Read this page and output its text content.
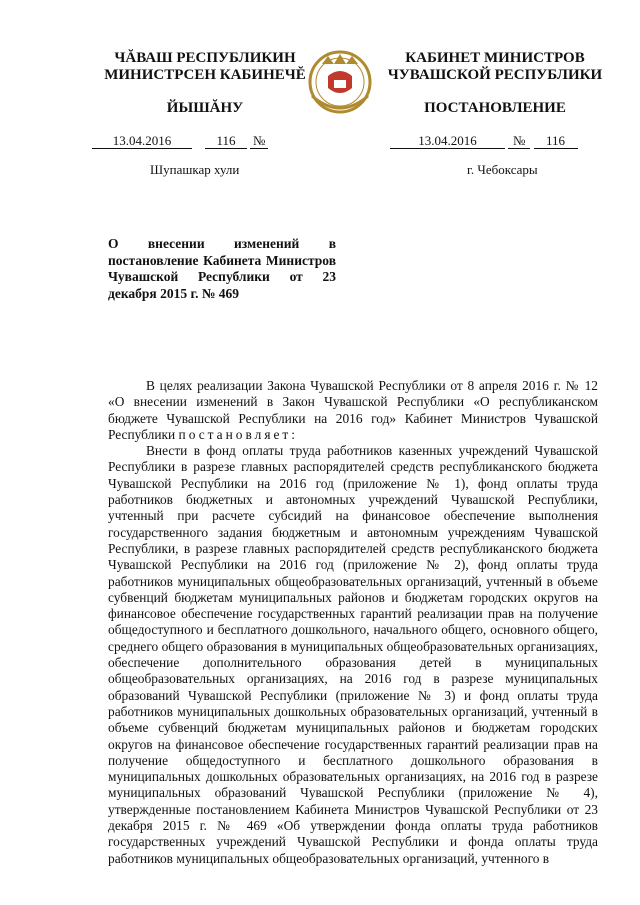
ЧĂВАШ РЕСПУБЛИКИН
МИНИСТРСЕН КАБИНЕЧĔ
КАБИНЕТ МИНИСТРОВ
ЧУВАШСКОЙ РЕСПУБЛИКИ
ЙЫШĂНУ	ПОСТАНОВЛЕНИЕ
13.04.2016	116 №	13.04.2016	№ 116
Шупашкар хули	г. Чебоксары
О внесении изменений в постановление Кабинета Министров Чувашской Республики от 23 декабря 2015 г. № 469

В целях реализации Закона Чувашской Республики от 8 апреля 2016 г. № 12 «О внесении изменений в Закон Чувашской Республики «О республиканском бюджете Чувашской Республики на 2016 год» Кабинет Министров Чувашской Республики постановляет:

Внести в фонд оплаты труда работников казенных учреждений Чувашской Республики в разрезе главных распорядителей средств республиканского бюджета Чувашской Республики на 2016 год (приложение № 1), фонд оплаты труда работников бюджетных и автономных учреждений Чувашской Республики, учтенный при расчете субсидий на финансовое обеспечение выполнения государственного задания бюджетным и автономным учреждениям Чувашской Республики, в разрезе главных распорядителей средств республиканского бюджета Чувашской Республики на 2016 год (приложение № 2), фонд оплаты труда работников муниципальных общеобразовательных организаций, учтенный в объеме субвенций бюджетам муниципальных районов и бюджетам городских округов на финансовое обеспечение государственных гарантий реализации прав на получение общедоступного и бесплатного дошкольного, начального общего, основного общего, среднего общего образования в муниципальных общеобразовательных организациях, обеспечение дополнительного образования детей в муниципальных общеобразовательных организациях, на 2016 год в разрезе муниципальных образований Чувашской Республики (приложение № 3) и фонд оплаты труда работников муниципальных дошкольных образовательных организаций, учтенный в объеме субвенций бюджетам муниципальных районов и бюджетам городских округов на финансовое обеспечение государственных гарантий реализации прав на получение общедоступного и бесплатного дошкольного образования в муниципальных дошкольных образовательных организациях, на 2016 год в разрезе муниципальных образований Чувашской Республики (приложение № 4), утвержденные постановлением Кабинета Министров Чувашской Республики от 23 декабря 2015 г. № 469 «Об утверждении фонда оплаты труда работников государственных учреждений Чувашской Республики и фонда оплаты труда работников муниципальных общеобразовательных организаций, учтенного в
